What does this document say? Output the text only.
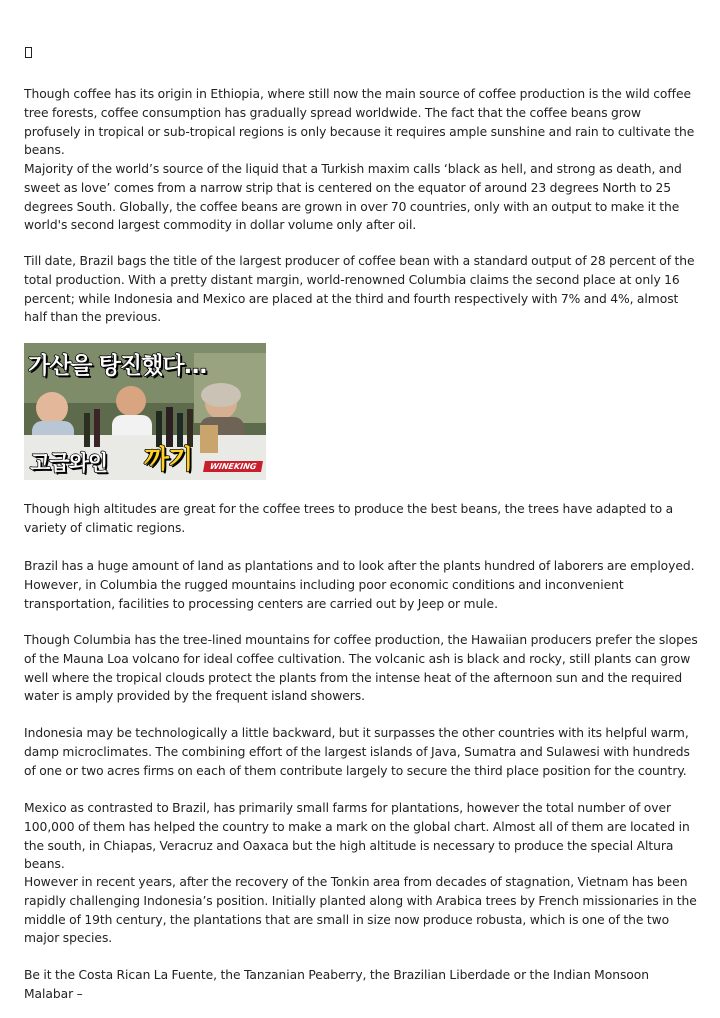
Though coffee has its origin in Ethiopia, where still now the main source of coffee production is the wild coffee tree forests, coffee consumption has gradually spread worldwide. The fact that the coffee beans grow profusely in tropical or sub-tropical regions is only because it requires ample sunshine and rain to cultivate the beans.

Majority of the world’s source of the liquid that a Turkish maxim calls ‘black as hell, and strong as death, and sweet as love’ comes from a narrow strip that is centered on the equator of around 23 degrees North to 25 degrees South. Globally, the coffee beans are grown in over 70 countries, only with an output to make it the world's second largest commodity in dollar volume only after oil.

Till date, Brazil bags the title of the largest producer of coffee bean with a standard output of 28 percent of the total production. With a pretty distant margin, world-renowned Columbia claims the second place at only 16 percent; while Indonesia and Mexico are placed at the third and fourth respectively with 7% and 4%, almost half than the previous.

가산을 탕진했다...
고급와인 까기	WINEKING

Though high altitudes are great for the coffee trees to produce the best beans, the trees have adapted to a variety of climatic regions.

Brazil has a huge amount of land as plantations and to look after the plants hundred of laborers are employed. However, in Columbia the rugged mountains including poor economic conditions and inconvenient transportation, facilities to processing centers are carried out by Jeep or mule.

Though Columbia has the tree-lined mountains for coffee production, the Hawaiian producers prefer the slopes of the Mauna Loa volcano for ideal coffee cultivation. The volcanic ash is black and rocky, still plants can grow well where the tropical clouds protect the plants from the intense heat of the afternoon sun and the required water is amply provided by the frequent island showers.

Indonesia may be technologically a little backward, but it surpasses the other countries with its helpful warm, damp microclimates. The combining effort of the largest islands of Java, Sumatra and Sulawesi with hundreds of one or two acres firms on each of them contribute largely to secure the third place position for the country.

Mexico as contrasted to Brazil, has primarily small farms for plantations, however the total number of over 100,000 of them has helped the country to make a mark on the global chart. Almost all of them are located in the south, in Chiapas, Veracruz and Oaxaca but the high altitude is necessary to produce the special Altura beans.

However in recent years, after the recovery of the Tonkin area from decades of stagnation, Vietnam has been rapidly challenging Indonesia’s position. Initially planted along with Arabica trees by French missionaries in the middle of 19th century, the plantations that are small in size now produce robusta, which is one of the two major species.

Be it the Costa Rican La Fuente, the Tanzanian Peaberry, the Brazilian Liberdade or the Indian Monsoon Malabar –
